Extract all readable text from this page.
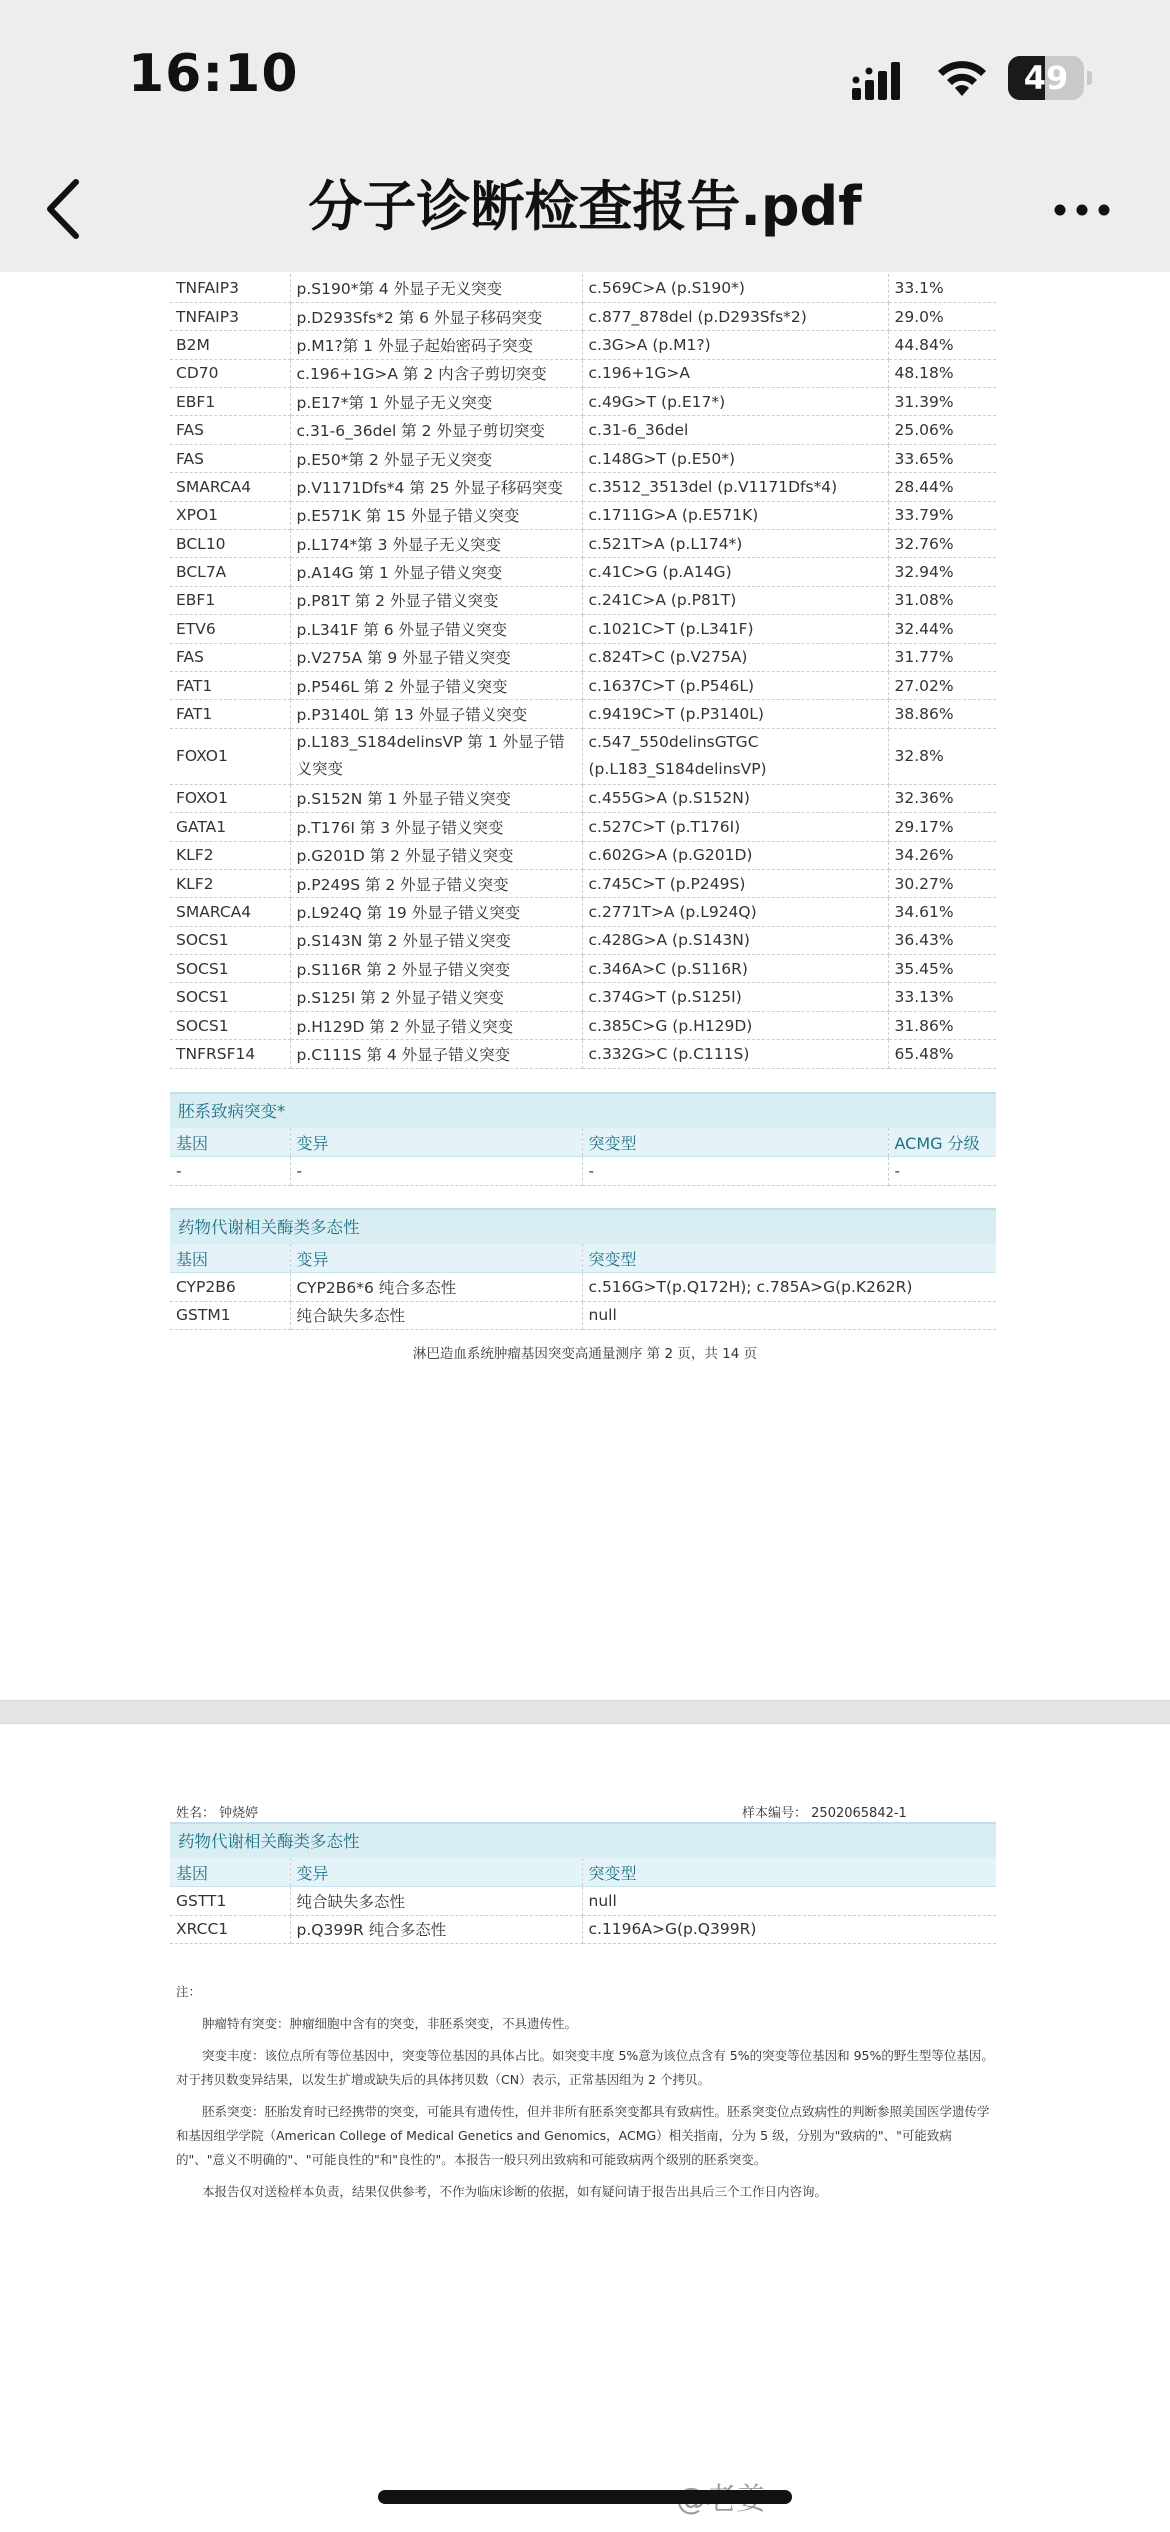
16:10	49
分子诊断检查报告.pdf
TNFAIP3	p.S190*第 4 外显子无义突变	c.569C>A (p.S190*)	33.1%
TNFAIP3	p.D293Sfs*2 第 6 外显子移码突变	c.877_878del (p.D293Sfs*2)	29.0%
B2M	p.M1?第 1 外显子起始密码子突变	c.3G>A (p.M1?)	44.84%
CD70	c.196+1G>A 第 2 内含子剪切突变	c.196+1G>A	48.18%
EBF1	p.E17*第 1 外显子无义突变	c.49G>T (p.E17*)	31.39%
FAS	c.31-6_36del 第 2 外显子剪切突变	c.31-6_36del	25.06%
FAS	p.E50*第 2 外显子无义突变	c.148G>T (p.E50*)	33.65%
SMARCA4	p.V1171Dfs*4 第 25 外显子移码突变	c.3512_3513del (p.V1171Dfs*4)	28.44%
XPO1	p.E571K 第 15 外显子错义突变	c.1711G>A (p.E571K)	33.79%
BCL10	p.L174*第 3 外显子无义突变	c.521T>A (p.L174*)	32.76%
BCL7A	p.A14G 第 1 外显子错义突变	c.41C>G (p.A14G)	32.94%
EBF1	p.P81T 第 2 外显子错义突变	c.241C>A (p.P81T)	31.08%
ETV6	p.L341F 第 6 外显子错义突变	c.1021C>T (p.L341F)	32.44%
FAS	p.V275A 第 9 外显子错义突变	c.824T>C (p.V275A)	31.77%
FAT1	p.P546L 第 2 外显子错义突变	c.1637C>T (p.P546L)	27.02%
FAT1	p.P3140L 第 13 外显子错义突变	c.9419C>T (p.P3140L)	38.86%
FOXO1	p.L183_S184delinsVP 第 1 外显子错义突变	c.547_550delinsGTGC (p.L183_S184delinsVP)	32.8%
FOXO1	p.S152N 第 1 外显子错义突变	c.455G>A (p.S152N)	32.36%
GATA1	p.T176I 第 3 外显子错义突变	c.527C>T (p.T176I)	29.17%
KLF2	p.G201D 第 2 外显子错义突变	c.602G>A (p.G201D)	34.26%
KLF2	p.P249S 第 2 外显子错义突变	c.745C>T (p.P249S)	30.27%
SMARCA4	p.L924Q 第 19 外显子错义突变	c.2771T>A (p.L924Q)	34.61%
SOCS1	p.S143N 第 2 外显子错义突变	c.428G>A (p.S143N)	36.43%
SOCS1	p.S116R 第 2 外显子错义突变	c.346A>C (p.S116R)	35.45%
SOCS1	p.S125I 第 2 外显子错义突变	c.374G>T (p.S125I)	33.13%
SOCS1	p.H129D 第 2 外显子错义突变	c.385C>G (p.H129D)	31.86%
TNFRSF14	p.C111S 第 4 外显子错义突变	c.332G>C (p.C111S)	65.48%
胚系致病突变*
基因	变异	突变型	ACMG 分级
-	-	-	-
药物代谢相关酶类多态性
基因	变异	突变型
CYP2B6	CYP2B6*6 纯合多态性	c.516G>T(p.Q172H); c.785A>G(p.K262R)
GSTM1	纯合缺失多态性	null
淋巴造血系统肿瘤基因突变高通量测序 第 2 页，共 14 页
姓名： 钟烧婷	样本编号： 2502065842-1
药物代谢相关酶类多态性
基因	变异	突变型
GSTT1	纯合缺失多态性	null
XRCC1	p.Q399R 纯合多态性	c.1196A>G(p.Q399R)

注：

肿瘤特有突变：肿瘤细胞中含有的突变，非胚系突变，不具遗传性。

突变丰度：该位点所有等位基因中，突变等位基因的具体占比。如突变丰度 5%意为该位点含有 5%的突变等位基因和 95%的野生型等位基因。对于拷贝数变异结果，以发生扩增或缺失后的具体拷贝数（CN）表示，正常基因组为 2 个拷贝。

胚系突变：胚胎发育时已经携带的突变，可能具有遗传性，但并非所有胚系突变都具有致病性。胚系突变位点致病性的判断参照美国医学遗传学和基因组学学院（American College of Medical Genetics and Genomics，ACMG）相关指南，分为 5 级，分别为"致病的"、"可能致病的"、"意义不明确的"、"可能良性的"和"良性的"。本报告一般只列出致病和可能致病两个级别的胚系突变。

本报告仅对送检样本负责，结果仅供参考，不作为临床诊断的依据，如有疑问请于报告出具后三个工作日内咨询。
